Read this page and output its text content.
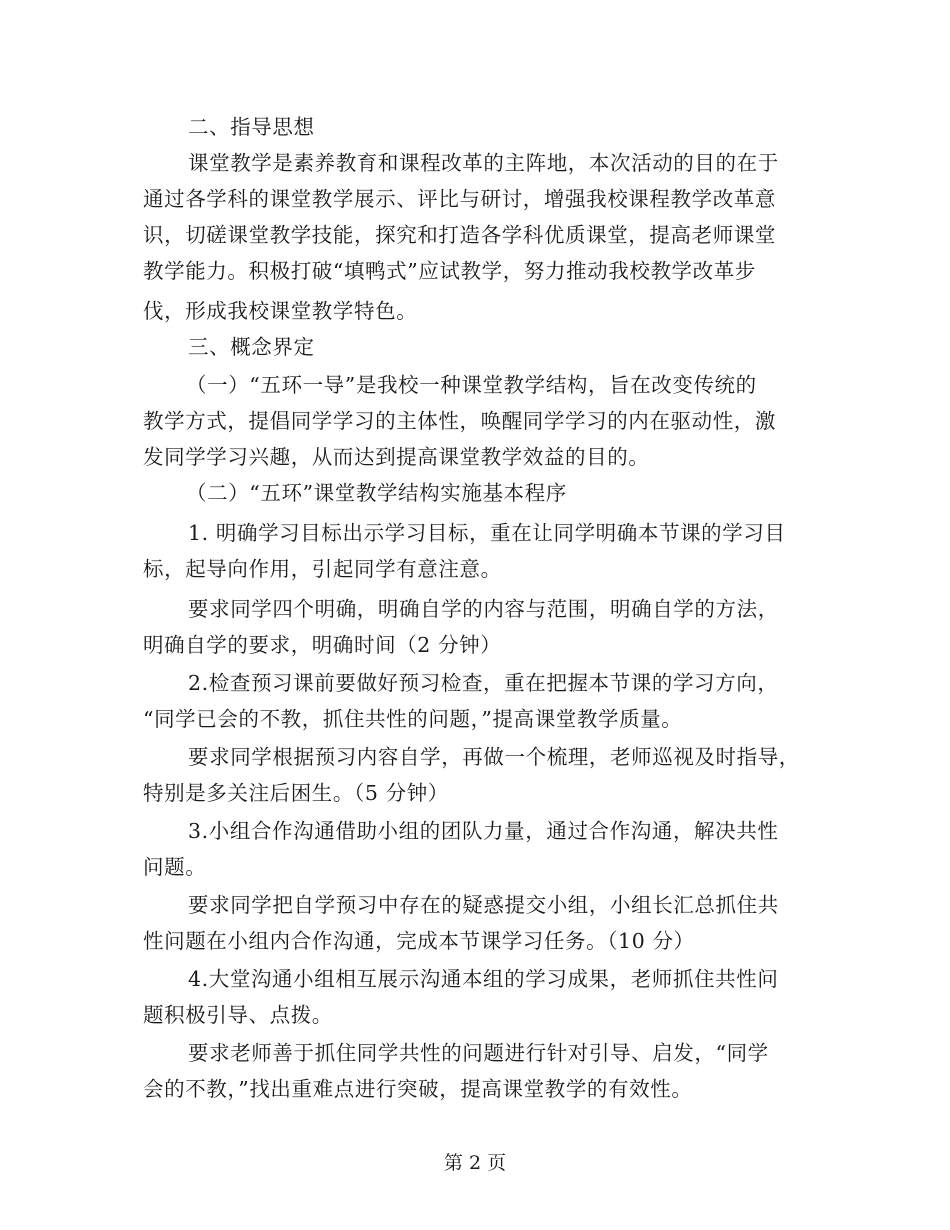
二、指导思想
课堂教学是素养教育和课程改革的主阵地，本次活动的目的在于
通过各学科的课堂教学展示、评比与研讨，增强我校课程教学改革意
识，切磋课堂教学技能，探究和打造各学科优质课堂，提高老师课堂
教学能力。积极打破“填鸭式”应试教学，努力推动我校教学改革步
伐，形成我校课堂教学特色。
三、概念界定
（一）“五环一导”是我校一种课堂教学结构，旨在改变传统的
教学方式，提倡同学学习的主体性，唤醒同学学习的内在驱动性，激
发同学学习兴趣，从而达到提高课堂教学效益的目的。
（二）“五环”课堂教学结构实施基本程序
1. 明确学习目标出示学习目标，重在让同学明确本节课的学习目
标，起导向作用，引起同学有意注意。
要求同学四个明确，明确自学的内容与范围，明确自学的方法，
明确自学的要求，明确时间（2 分钟）
2.检查预习课前要做好预习检查，重在把握本节课的学习方向，
“同学已会的不教，抓住共性的问题，”提高课堂教学质量。
要求同学根据预习内容自学，再做一个梳理，老师巡视及时指导，
特别是多关注后困生。（5 分钟）
3.小组合作沟通借助小组的团队力量，通过合作沟通，解决共性
问题。
要求同学把自学预习中存在的疑惑提交小组，小组长汇总抓住共
性问题在小组内合作沟通，完成本节课学习任务。（10 分）
4.大堂沟通小组相互展示沟通本组的学习成果，老师抓住共性问
题积极引导、点拨。
要求老师善于抓住同学共性的问题进行针对引导、启发，“同学
会的不教，”找出重难点进行突破，提高课堂教学的有效性。
第 2 页
